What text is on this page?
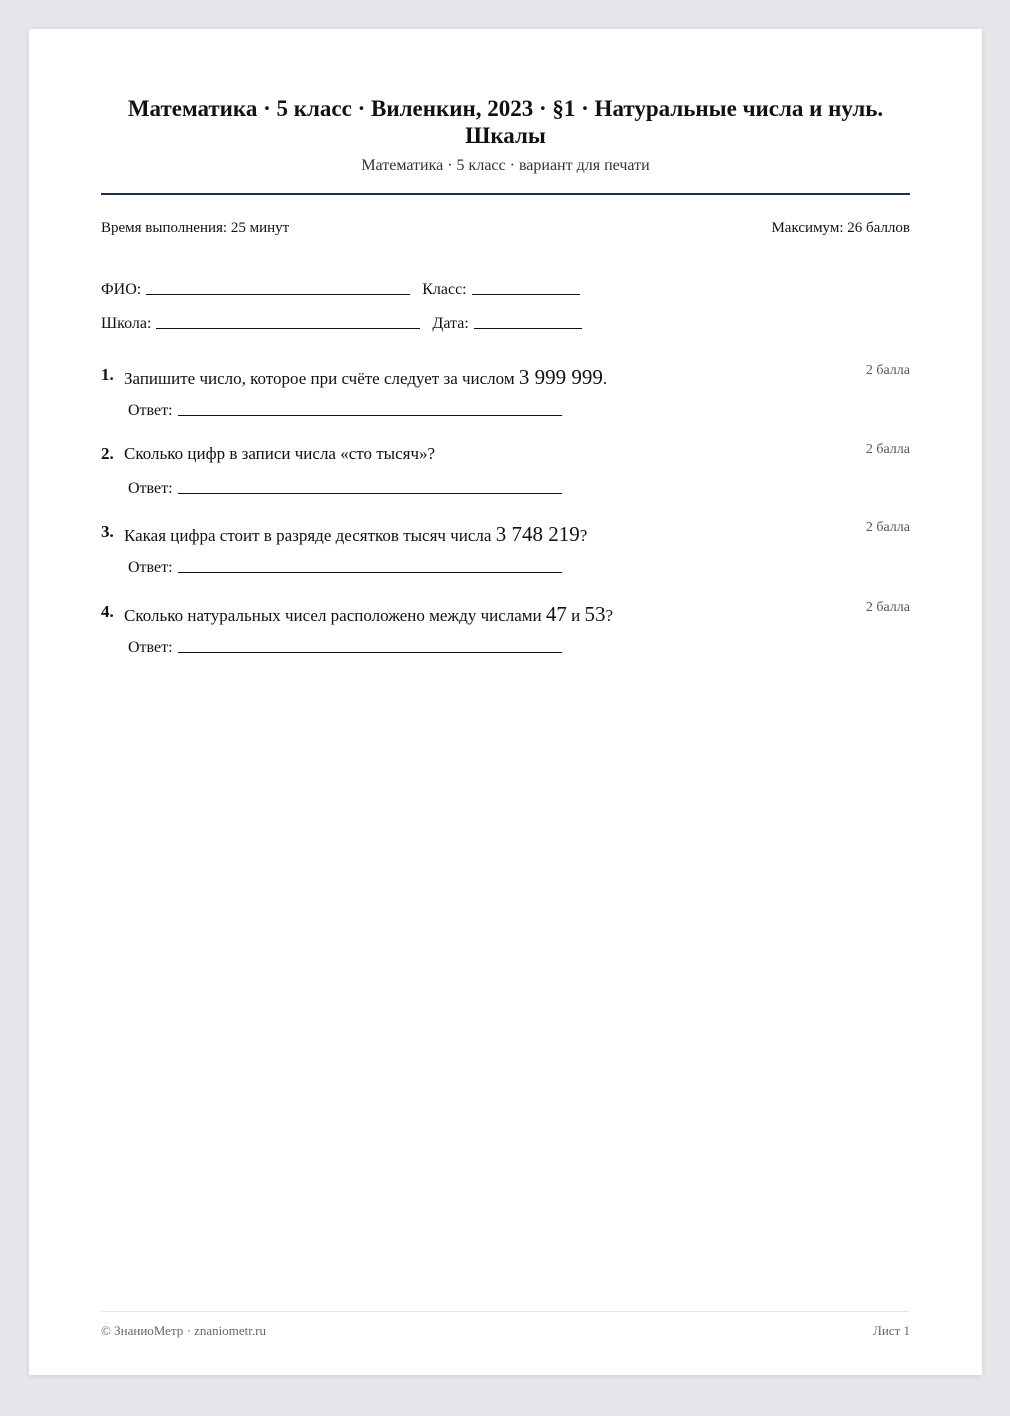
Математика · 5 класс · Виленкин, 2023 · §1 · Натуральные числа и нуль. Шкалы
Математика · 5 класс · вариант для печати
Время выполнения: 25 минут	Максимум: 26 баллов
ФИО:	Класс:
Школа:	Дата:
1. Запишите число, которое при счёте следует за числом 3 999 999.	2 балла
Ответ:
2. Сколько цифр в записи числа «сто тысяч»?	2 балла
Ответ:
3. Какая цифра стоит в разряде десятков тысяч числа 3 748 219?	2 балла
Ответ:
4. Сколько натуральных чисел расположено между числами 47 и 53?	2 балла
Ответ:
© ЗнаниоМетр · znaniometr.ru	Лист 1
